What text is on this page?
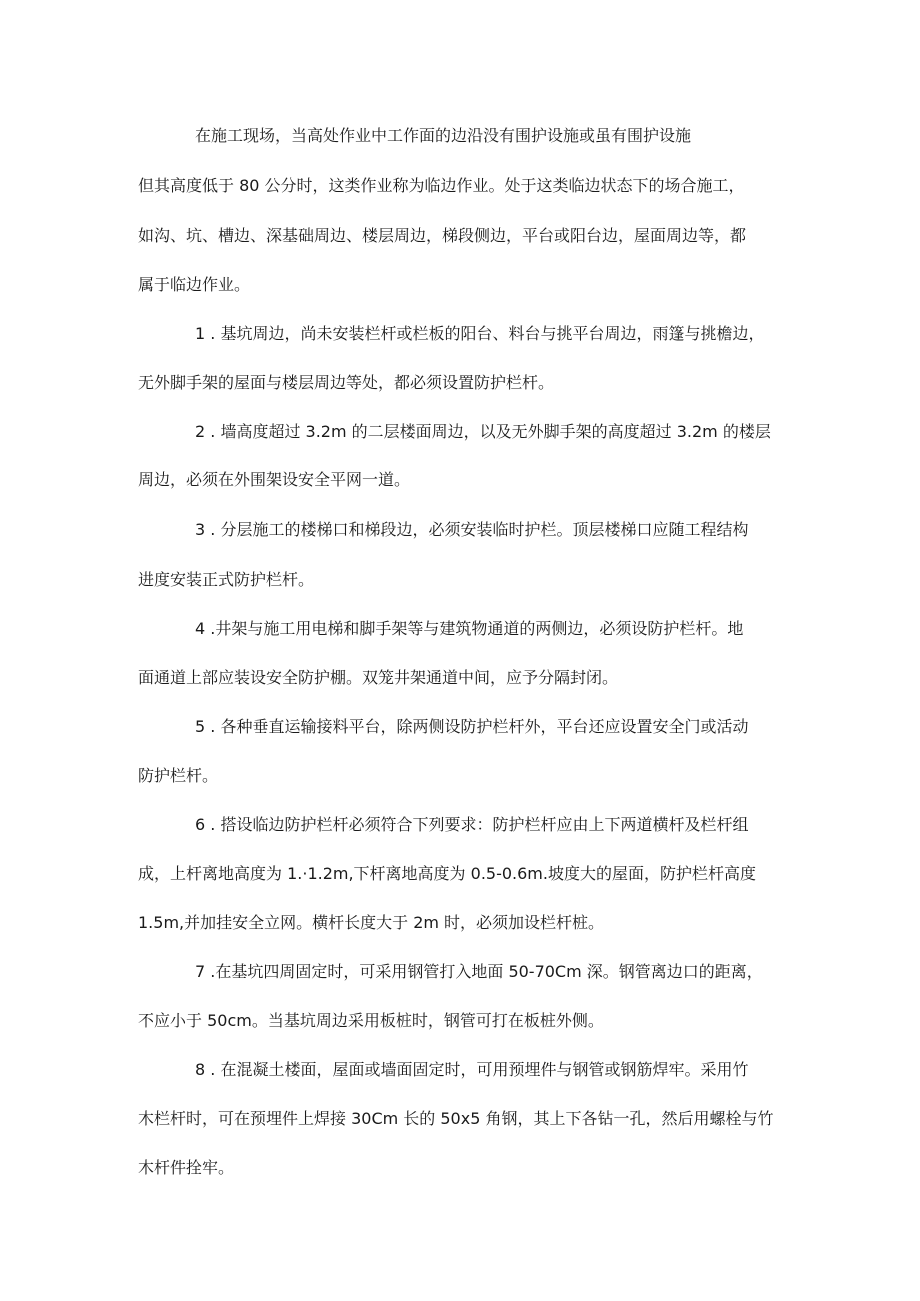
在施工现场，当高处作业中工作面的边沿没有围护设施或虽有围护设施

但其高度低于 80 公分时，这类作业称为临边作业。处于这类临边状态下的场合施工，

如沟、坑、槽边、深基础周边、楼层周边，梯段侧边，平台或阳台边，屋面周边等，都

属于临边作业。

1 . 基坑周边，尚未安装栏杆或栏板的阳台、料台与挑平台周边，雨篷与挑檐边，

无外脚手架的屋面与楼层周边等处，都必须设置防护栏杆。

2 . 墙高度超过 3.2m 的二层楼面周边，以及无外脚手架的高度超过 3.2m 的楼层

周边，必须在外围架设安全平网一道。

3 . 分层施工的楼梯口和梯段边，必须安装临时护栏。顶层楼梯口应随工程结构

进度安装正式防护栏杆。

4 .井架与施工用电梯和脚手架等与建筑物通道的两侧边，必须设防护栏杆。地

面通道上部应装设安全防护棚。双笼井架通道中间，应予分隔封闭。

5 . 各种垂直运输接料平台，除两侧设防护栏杆外，平台还应设置安全门或活动

防护栏杆。

6 . 搭设临边防护栏杆必须符合下列要求：防护栏杆应由上下两道横杆及栏杆组

成，上杆离地高度为 1.·1.2m,下杆离地高度为 0.5-0.6m.坡度大的屋面，防护栏杆高度

1.5m,并加挂安全立网。横杆长度大于 2m 时，必须加设栏杆桩。

7 .在基坑四周固定时，可采用钢管打入地面 50-70Cm 深。钢管离边口的距离，

不应小于 50cm。当基坑周边采用板桩时，钢管可打在板桩外侧。

8 . 在混凝土楼面，屋面或墙面固定时，可用预埋件与钢管或钢筋焊牢。采用竹

木栏杆时，可在预埋件上焊接 30Cm 长的 50x5 角钢，其上下各钻一孔，然后用螺栓与竹

木杆件拴牢。
